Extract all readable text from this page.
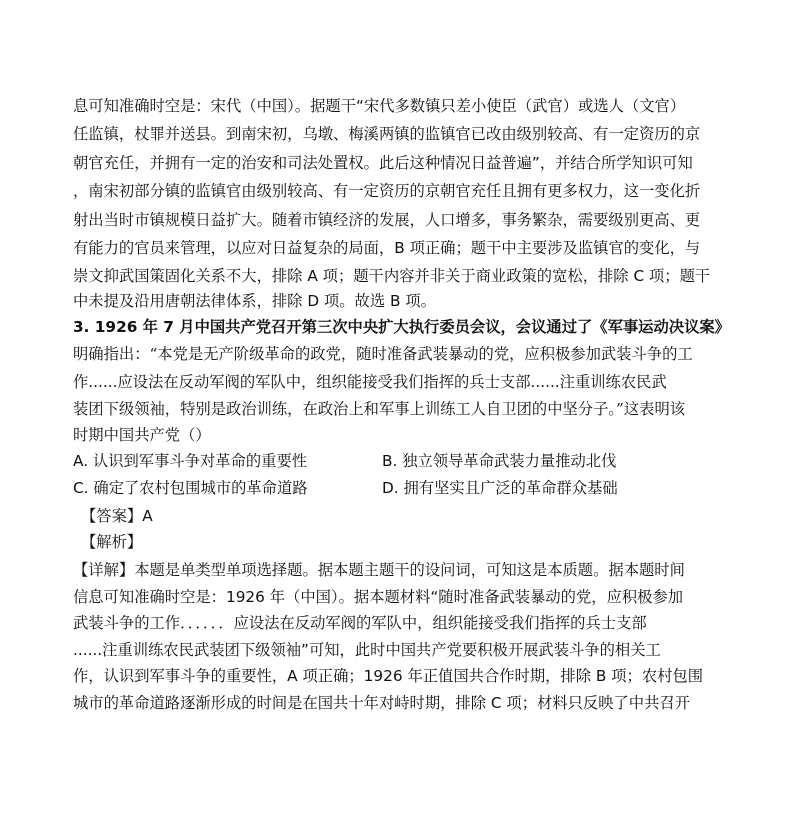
息可知准确时空是：宋代（中国）。据题干“宋代多数镇只差小使臣（武官）或选人（文官）
任监镇，杖罪并送县。到南宋初，乌墩、梅溪两镇的监镇官已改由级别较高、有一定资历的京
朝官充任，并拥有一定的治安和司法处置权。此后这种情况日益普遍”，并结合所学知识可知
，南宋初部分镇的监镇官由级别较高、有一定资历的京朝官充任且拥有更多权力，这一变化折
射出当时市镇规模日益扩大。随着市镇经济的发展，人口增多，事务繁杂，需要级别更高、更
有能力的官员来管理，以应对日益复杂的局面，B 项正确；题干中主要涉及监镇官的变化，与
崇文抑武国策固化关系不大，排除 A 项；题干内容并非关于商业政策的宽松，排除 C 项；题干
中未提及沿用唐朝法律体系，排除 D 项。故选 B 项。
3. 1926 年 7 月中国共产党召开第三次中央扩大执行委员会议，会议通过了《军事运动决议案》
明确指出：“本党是无产阶级革命的政党，随时准备武装暴动的党，应积极参加武装斗争的工
作......应设法在反动军阀的军队中，组织能接受我们指挥的兵士支部......注重训练农民武
装团下级领袖，特别是政治训练，在政治上和军事上训练工人自卫团的中坚分子。”这表明该
时期中国共产党（）
A. 认识到军事斗争对革命的重要性	B. 独立领导革命武装力量推动北伐
C. 确定了农村包围城市的革命道路	D. 拥有坚实且广泛的革命群众基础
【答案】A
【解析】
【详解】本题是单类型单项选择题。据本题主题干的设问词，可知这是本质题。据本题时间
信息可知准确时空是：1926 年（中国）。据本题材料“随时准备武装暴动的党，应积极参加
武装斗争的工作．．．．．．应设法在反动军阀的军队中，组织能接受我们指挥的兵士支部
......注重训练农民武装团下级领袖”可知，此时中国共产党要积极开展武装斗争的相关工
作，认识到军事斗争的重要性，A 项正确；1926 年正值国共合作时期，排除 B 项；农村包围
城市的革命道路逐渐形成的时间是在国共十年对峙时期，排除 C 项；材料只反映了中共召开
